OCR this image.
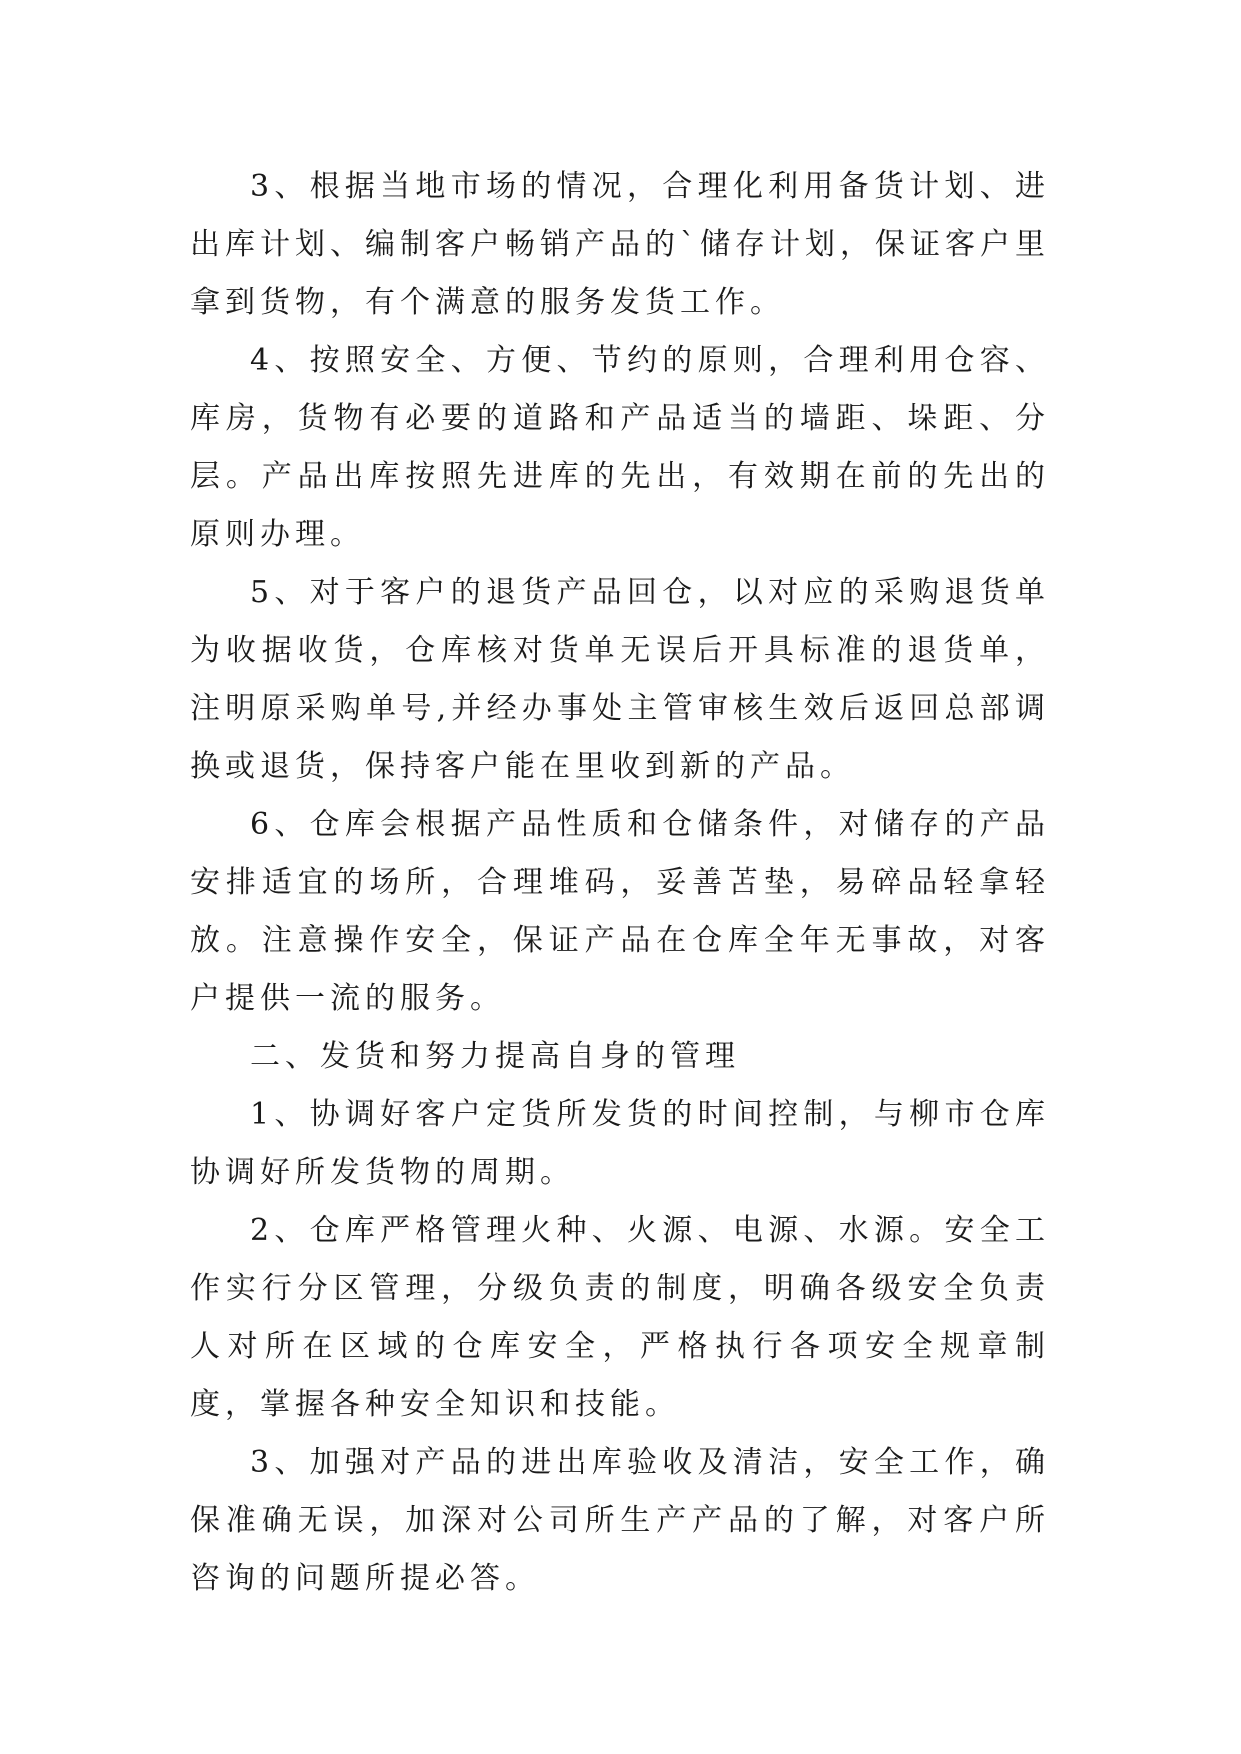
3、根据当地市场的情况，合理化利用备货计划、进出库计划、编制客户畅销产品的`储存计划，保证客户里拿到货物，有个满意的服务发货工作。

4、按照安全、方便、节约的原则，合理利用仓容、库房，货物有必要的道路和产品适当的墙距、垛距、分层。产品出库按照先进库的先出，有效期在前的先出的原则办理。

5、对于客户的退货产品回仓，以对应的采购退货单为收据收货，仓库核对货单无误后开具标准的退货单，注明原采购单号,并经办事处主管审核生效后返回总部调换或退货，保持客户能在里收到新的产品。

6、仓库会根据产品性质和仓储条件，对储存的产品安排适宜的场所，合理堆码，妥善苫垫，易碎品轻拿轻放。注意操作安全，保证产品在仓库全年无事故，对客户提供一流的服务。

二、发货和努力提高自身的管理

1、协调好客户定货所发货的时间控制，与柳市仓库协调好所发货物的周期。

2、仓库严格管理火种、火源、电源、水源。安全工作实行分区管理，分级负责的制度，明确各级安全负责人对所在区域的仓库安全，严格执行各项安全规章制度，掌握各种安全知识和技能。

3、加强对产品的进出库验收及清洁，安全工作，确保准确无误，加深对公司所生产产品的了解，对客户所咨询的问题所提必答。
